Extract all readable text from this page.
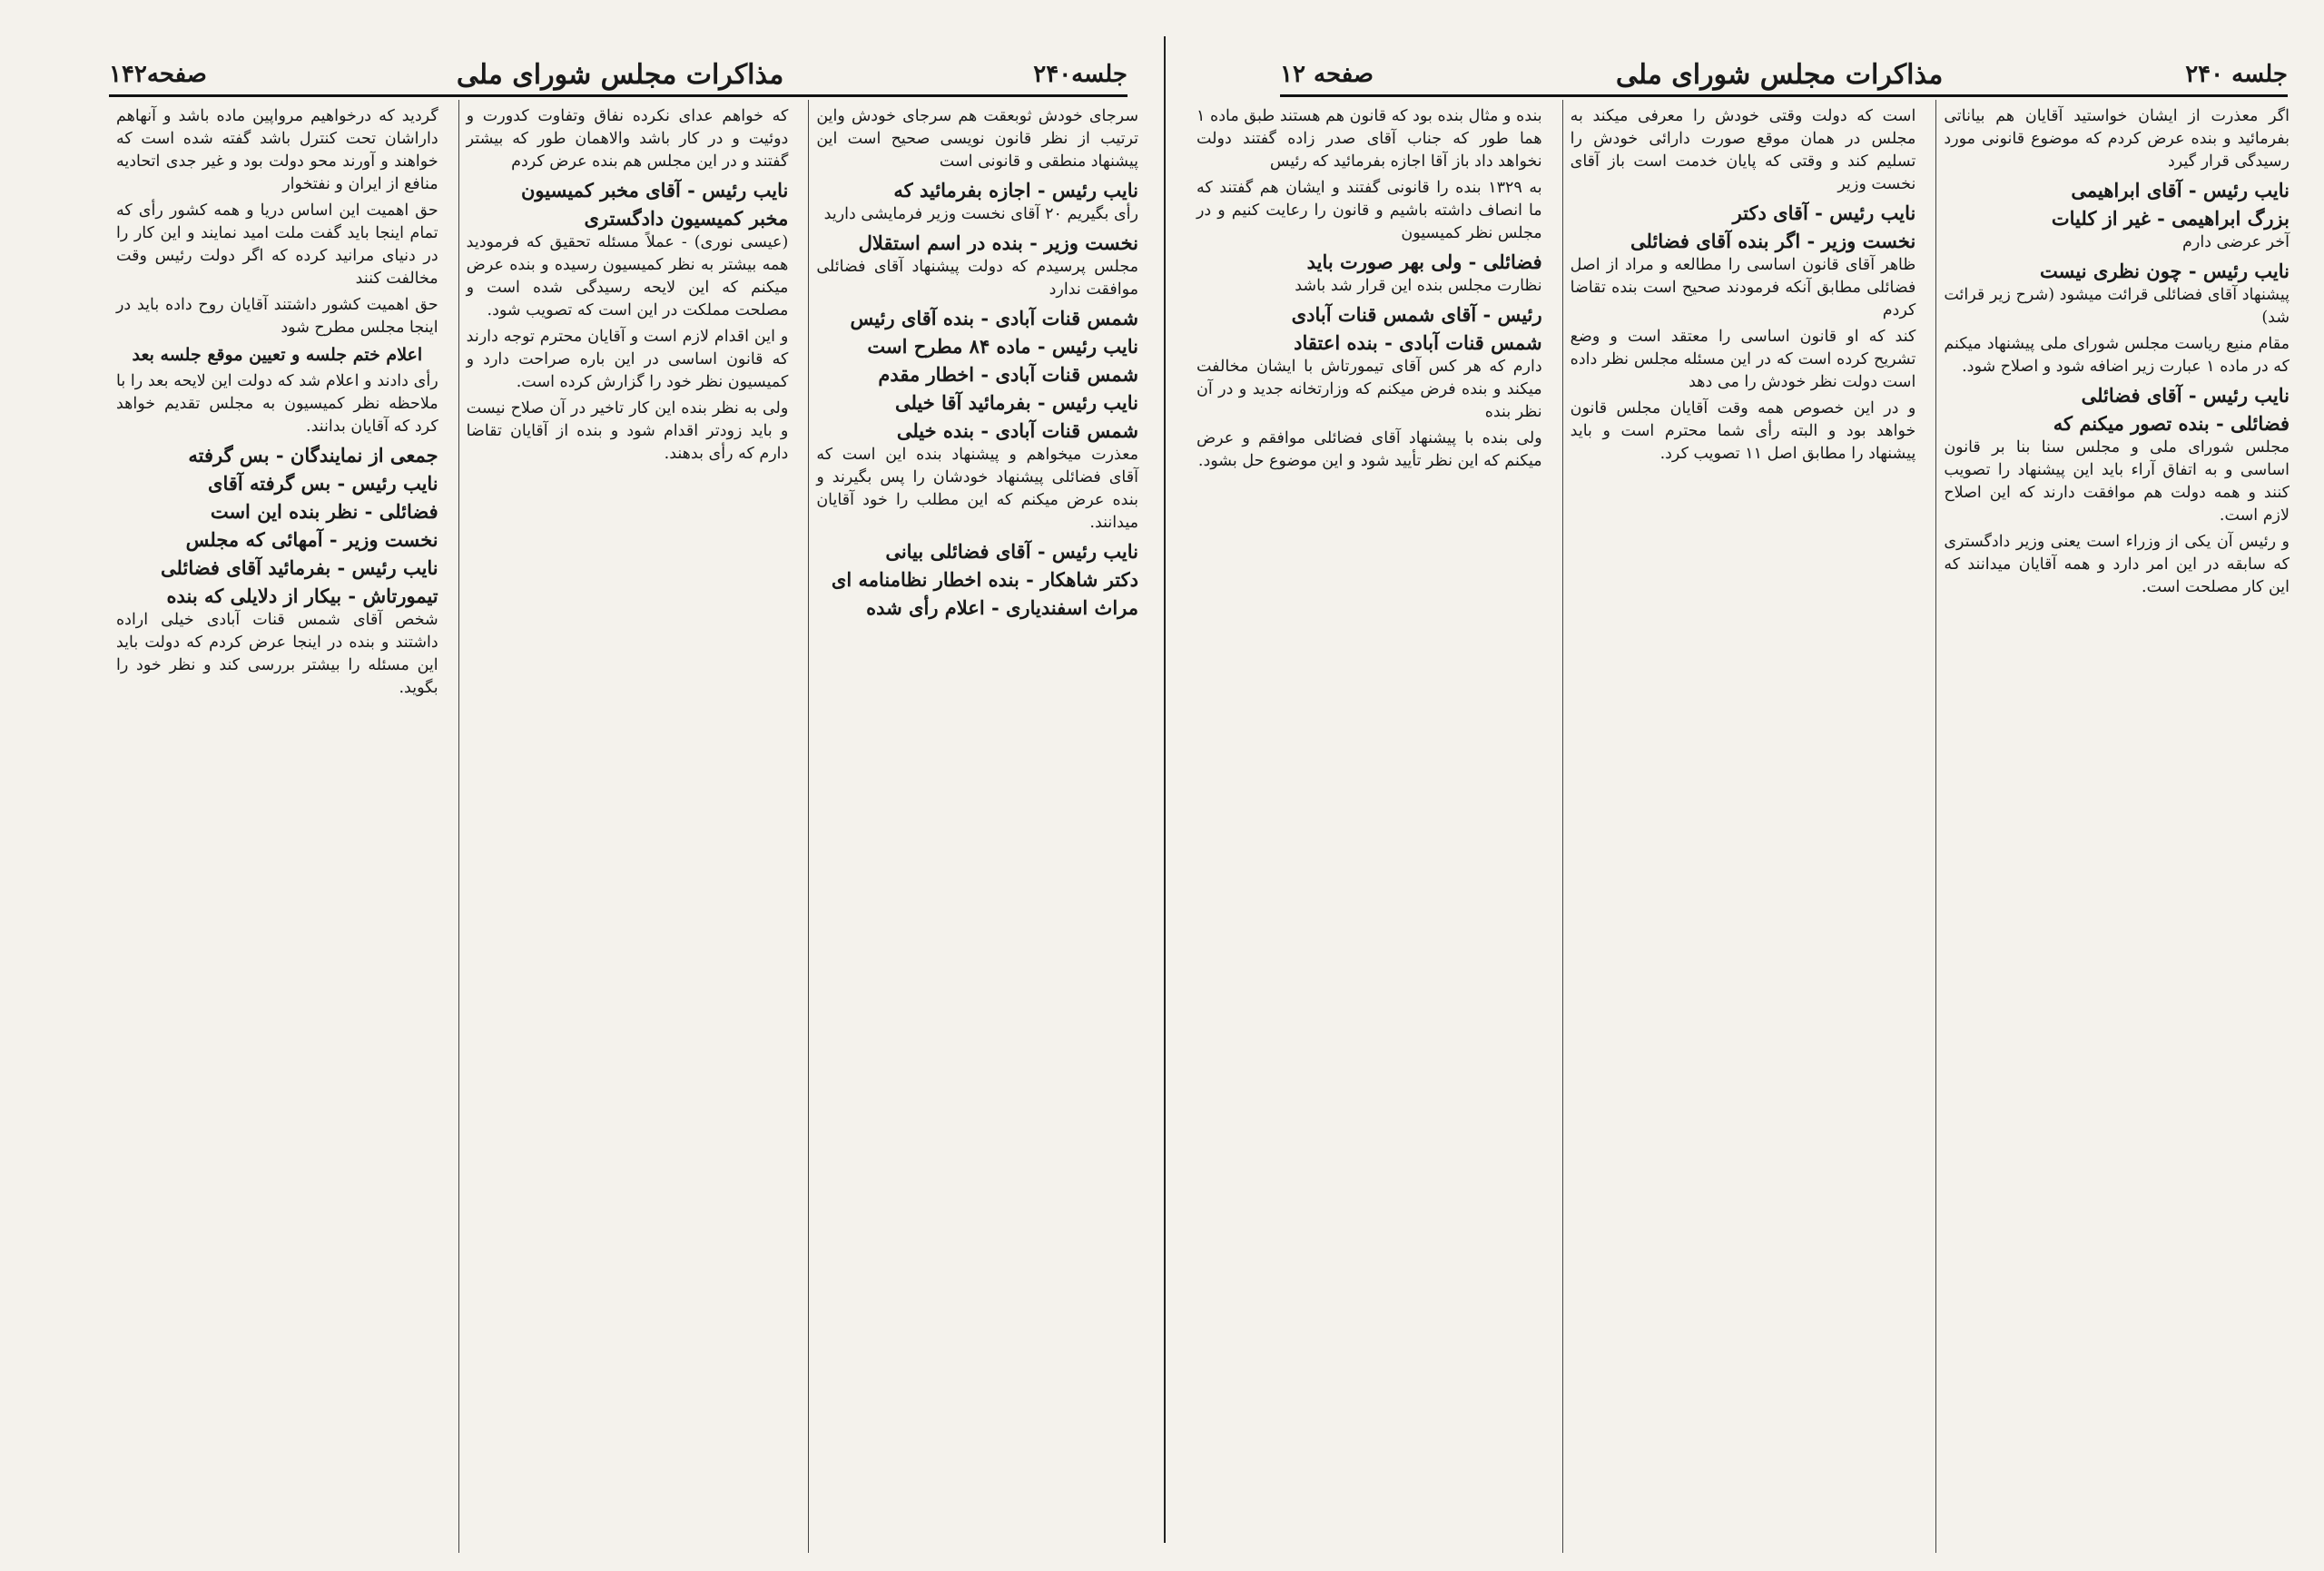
جلسه۲۴۰
مذاکرات مجلس شورای ملی
صفحه۱۴۲

سرجای خودش ثوبعقت هم سرجای خودش واین ترتیب از نظر قانون نویسی صحیح است این پیشنهاد منطقی و قانونی است

نایب رئیس - اجازه بفرمائید که

رأی بگیریم ۲۰ آقای نخست وزیر فرمایشی دارید

نخست وزیر - بنده در اسم استقلال

مجلس پرسیدم که دولت پیشنهاد آقای فضائلی موافقت ندارد

شمس قنات آبادی - بنده آقای رئیس

نایب رئیس - ماده ۸۴ مطرح است

شمس قنات آبادی - اخطار مقدم

نایب رئیس - بفرمائید آقا خیلی

شمس قنات آبادی - بنده خیلی

معذرت میخواهم و پیشنهاد بنده این است که آقای فضائلی پیشنهاد خودشان را پس بگیرند و بنده عرض میکنم که این مطلب را خود آقایان میدانند.

نایب رئیس - آقای فضائلی بیانی

دکتر شاهکار - بنده اخطار نظامنامه ای

مراث اسفندیاری - اعلام رأی شده

که خواهم عدای نکرده نفاق وتفاوت کدورت و دوئیت و در کار باشد والاهمان طور که بیشتر گفتند و در این مجلس هم بنده عرض کردم

نایب رئیس - آقای مخبر کمیسیون

مخبر کمیسیون دادگستری

(عیسی نوری) - عملاً مسئله تحقیق که فرمودید همه بیشتر به نظر کمیسیون رسیده و بنده عرض میکنم که این لایحه رسیدگی شده است و مصلحت مملکت در این است که تصویب شود.

و این اقدام لازم است و آقایان محترم توجه دارند که قانون اساسی در این باره صراحت دارد و کمیسیون نظر خود را گزارش کرده است.

ولی به نظر بنده این کار تاخیر در آن صلاح نیست و باید زودتر اقدام شود و بنده از آقایان تقاضا دارم که رأی بدهند.

گردید که درخواهیم مرواپین ماده باشد و آنهاهم داراشان تحت کنترل باشد گفته شده است که خواهند و آورند محو دولت بود و غیر جدی اتحادیه منافع از ایران و نفتخوار

حق اهمیت این اساس دریا و همه کشور رأی که تمام اینجا باید گفت ملت امید نمایند و این کار را در دنیای مرانید کرده که اگر دولت رئیس وقت مخالفت کنند

حق اهمیت کشور داشتند آقایان روح داده باید در اینجا مجلس مطرح شود

اعلام ختم جلسه و تعیین موقع جلسه بعد

رأی دادند و اعلام شد که دولت این لایحه بعد را با ملاحظه نظر کمیسیون به مجلس تقدیم خواهد کرد که آقایان بدانند.

جمعی از نمایندگان - بس گرفته

نایب رئیس - بس گرفته آقای

فضائلی - نظر بنده این است

نخست وزیر - آمهائی که مجلس

نایب رئیس - بفرمائید آقای فضائلی

تیمورتاش - بیکار از دلایلی که بنده

شخص آقای شمس قنات آبادی خیلی اراده داشتند و بنده در اینجا عرض کردم که دولت باید این مسئله را بیشتر بررسی کند و نظر خود را بگوید.

جلسه ۲۴۰
مذاکرات مجلس شورای ملی
صفحه ۱۲

اگر معذرت از ایشان خواستید آقایان هم بیاناتی بفرمائید و بنده عرض کردم که موضوع قانونی مورد رسیدگی قرار گیرد

نایب رئیس - آقای ابراهیمی

بزرگ ابراهیمی - غیر از کلیات

آخر عرضی دارم

نایب رئیس - چون نظری نیست

پیشنهاد آقای فضائلی قرائت میشود (شرح زیر قرائت شد)

مقام منیع ریاست مجلس شورای ملی پیشنهاد میکنم که در ماده ۱ عبارت زیر اضافه شود و اصلاح شود.

نایب رئیس - آقای فضائلی

فضائلی - بنده تصور میکنم که

مجلس شورای ملی و مجلس سنا بنا بر قانون اساسی و به اتفاق آراء باید این پیشنهاد را تصویب کنند و همه دولت هم موافقت دارند که این اصلاح لازم است.

و رئیس آن یکی از وزراء است یعنی وزیر دادگستری که سابقه در این امر دارد و همه آقایان میدانند که این کار مصلحت است.

است که دولت وقتی خودش را معرفی میکند به مجلس در همان موقع صورت دارائی خودش را تسلیم کند و وقتی که پایان خدمت است باز آقای نخست وزیر

نایب رئیس - آقای دکتر

نخست وزیر - اگر بنده آقای فضائلی

ظاهر آقای قانون اساسی را مطالعه و مراد از اصل فضائلی مطابق آنکه فرمودند صحیح است بنده تقاضا کردم

کند که او قانون اساسی را معتقد است و وضع تشریح کرده است که در این مسئله مجلس نظر داده است دولت نظر خودش را می دهد

و در این خصوص همه وقت آقایان مجلس قانون خواهد بود و البته رأی شما محترم است و باید پیشنهاد را مطابق اصل ۱۱ تصویب کرد.

بنده و مثال بنده بود که قانون هم هستند طبق ماده ۱ هما طور که جناب آقای صدر زاده گفتند دولت نخواهد داد باز آقا اجازه بفرمائید که رئیس

به ۱۳۲۹ بنده را قانونی گفتند و ایشان هم گفتند که ما انصاف داشته باشیم و قانون را رعایت کنیم و در مجلس نظر کمیسیون

فضائلی - ولی بهر صورت باید

نظارت مجلس بنده این قرار شد باشد

رئیس - آقای شمس قنات آبادی

شمس قنات آبادی - بنده اعتقاد

دارم که هر کس آقای تیمورتاش با ایشان مخالفت میکند و بنده فرض میکنم که وزارتخانه جدید و در آن نظر بنده

ولی بنده با پیشنهاد آقای فضائلی موافقم و عرض میکنم که این نظر تأیید شود و این موضوع حل بشود.
